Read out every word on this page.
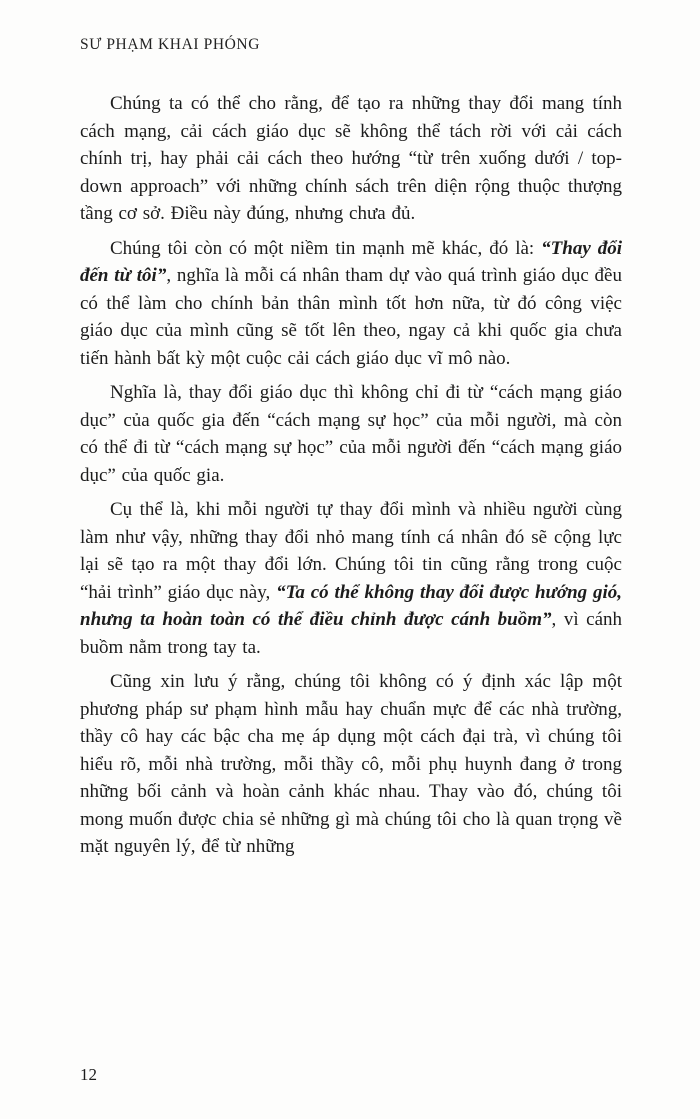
SƯ PHẠM KHAI PHÓNG

Chúng ta có thể cho rằng, để tạo ra những thay đổi mang tính cách mạng, cải cách giáo dục sẽ không thể tách rời với cải cách chính trị, hay phải cải cách theo hướng “từ trên xuống dưới / top-down approach” với những chính sách trên diện rộng thuộc thượng tầng cơ sở. Điều này đúng, nhưng chưa đủ.

Chúng tôi còn có một niềm tin mạnh mẽ khác, đó là: “Thay đổi đến từ tôi”, nghĩa là mỗi cá nhân tham dự vào quá trình giáo dục đều có thể làm cho chính bản thân mình tốt hơn nữa, từ đó công việc giáo dục của mình cũng sẽ tốt lên theo, ngay cả khi quốc gia chưa tiến hành bất kỳ một cuộc cải cách giáo dục vĩ mô nào.

Nghĩa là, thay đổi giáo dục thì không chỉ đi từ “cách mạng giáo dục” của quốc gia đến “cách mạng sự học” của mỗi người, mà còn có thể đi từ “cách mạng sự học” của mỗi người đến “cách mạng giáo dục” của quốc gia.

Cụ thể là, khi mỗi người tự thay đổi mình và nhiều người cùng làm như vậy, những thay đổi nhỏ mang tính cá nhân đó sẽ cộng lực lại sẽ tạo ra một thay đổi lớn. Chúng tôi tin cũng rằng trong cuộc “hải trình” giáo dục này, “Ta có thể không thay đổi được hướng gió, nhưng ta hoàn toàn có thể điều chỉnh được cánh buồm”, vì cánh buồm nằm trong tay ta.

Cũng xin lưu ý rằng, chúng tôi không có ý định xác lập một phương pháp sư phạm hình mẫu hay chuẩn mực để các nhà trường, thầy cô hay các bậc cha mẹ áp dụng một cách đại trà, vì chúng tôi hiểu rõ, mỗi nhà trường, mỗi thầy cô, mỗi phụ huynh đang ở trong những bối cảnh và hoàn cảnh khác nhau. Thay vào đó, chúng tôi mong muốn được chia sẻ những gì mà chúng tôi cho là quan trọng về mặt nguyên lý, để từ những

12
